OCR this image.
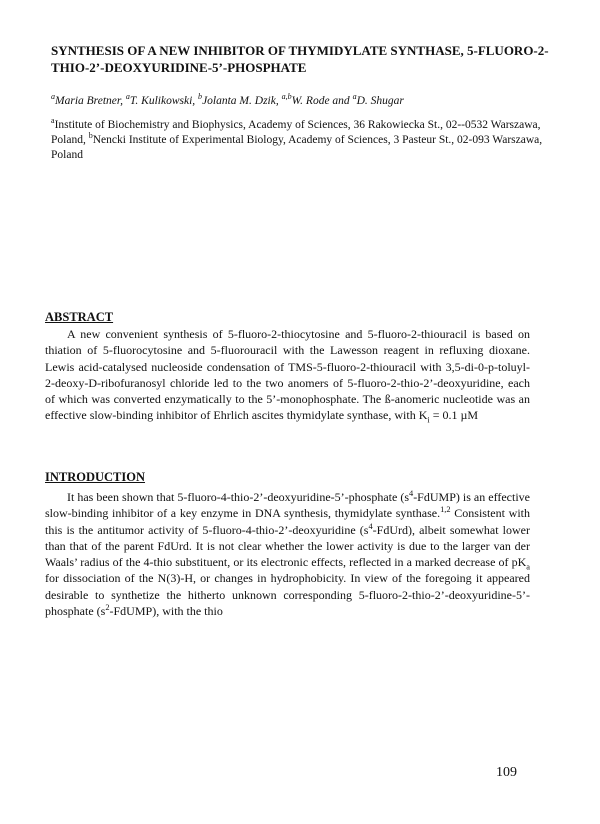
SYNTHESIS OF A NEW INHIBITOR OF THYMIDYLATE SYNTHASE, 5-FLUORO-2-THIO-2’-DEOXYURIDINE-5’-PHOSPHATE

$^a$Maria Bretner, $^a$T. Kulikowski, $^b$Jolanta M. Dzik, $^{a,b}$W. Rode and $^a$D. Shugar

$^a$Institute of Biochemistry and Biophysics, Academy of Sciences, 36 Rakowiecka St., 02--0532 Warszawa, Poland, $^b$Nencki Institute of Experimental Biology, Academy of Sciences, 3 Pasteur St., 02-093 Warszawa, Poland

ABSTRACT

A new convenient synthesis of 5-fluoro-2-thiocytosine and 5-fluoro-2-thiouracil is based on thiation of 5-fluorocytosine and 5-fluorouracil with the Lawesson reagent in refluxing dioxane. Lewis acid-catalysed nucleoside condensation of TMS-5-fluoro-2-thiouracil with 3,5-di-0-p-toluyl-2-deoxy-D-ribofuranosyl chloride led to the two anomers of 5-fluoro-2-thio-2’-deoxyuridine, each of which was converted enzymatically to the 5’-monophosphate. The ß-anomeric nucleotide was an effective slow-binding inhibitor of Ehrlich ascites thymidylate synthase, with $K_i = 0.1$ µM

INTRODUCTION

It has been shown that 5-fluoro-4-thio-2’-deoxyuridine-5’-phosphate $(s^4-FdUMP)$ is an effective slow-binding inhibitor of a key enzyme in DNA synthesis, thymidylate synthase.$^{1,2}$ Consistent with this is the antitumor activity of 5-fluoro-4-thio-2’-deoxyuridine $(s^4-FdUrd)$, albeit somewhat lower than that of the parent FdUrd. It is not clear whether the lower activity is due to the larger van der Waals’ radius of the 4-thio substituent, or its electronic effects, reflected in a marked decrease of $pK_a$ for dissociation of the N(3)-H, or changes in hydrophobicity. In view of the foregoing it appeared desirable to synthetize the hitherto unknown corresponding 5-fluoro-2-thio-2’-deoxyuridine-5’-phosphate $(s^2-FdUMP)$, with the thio

109
